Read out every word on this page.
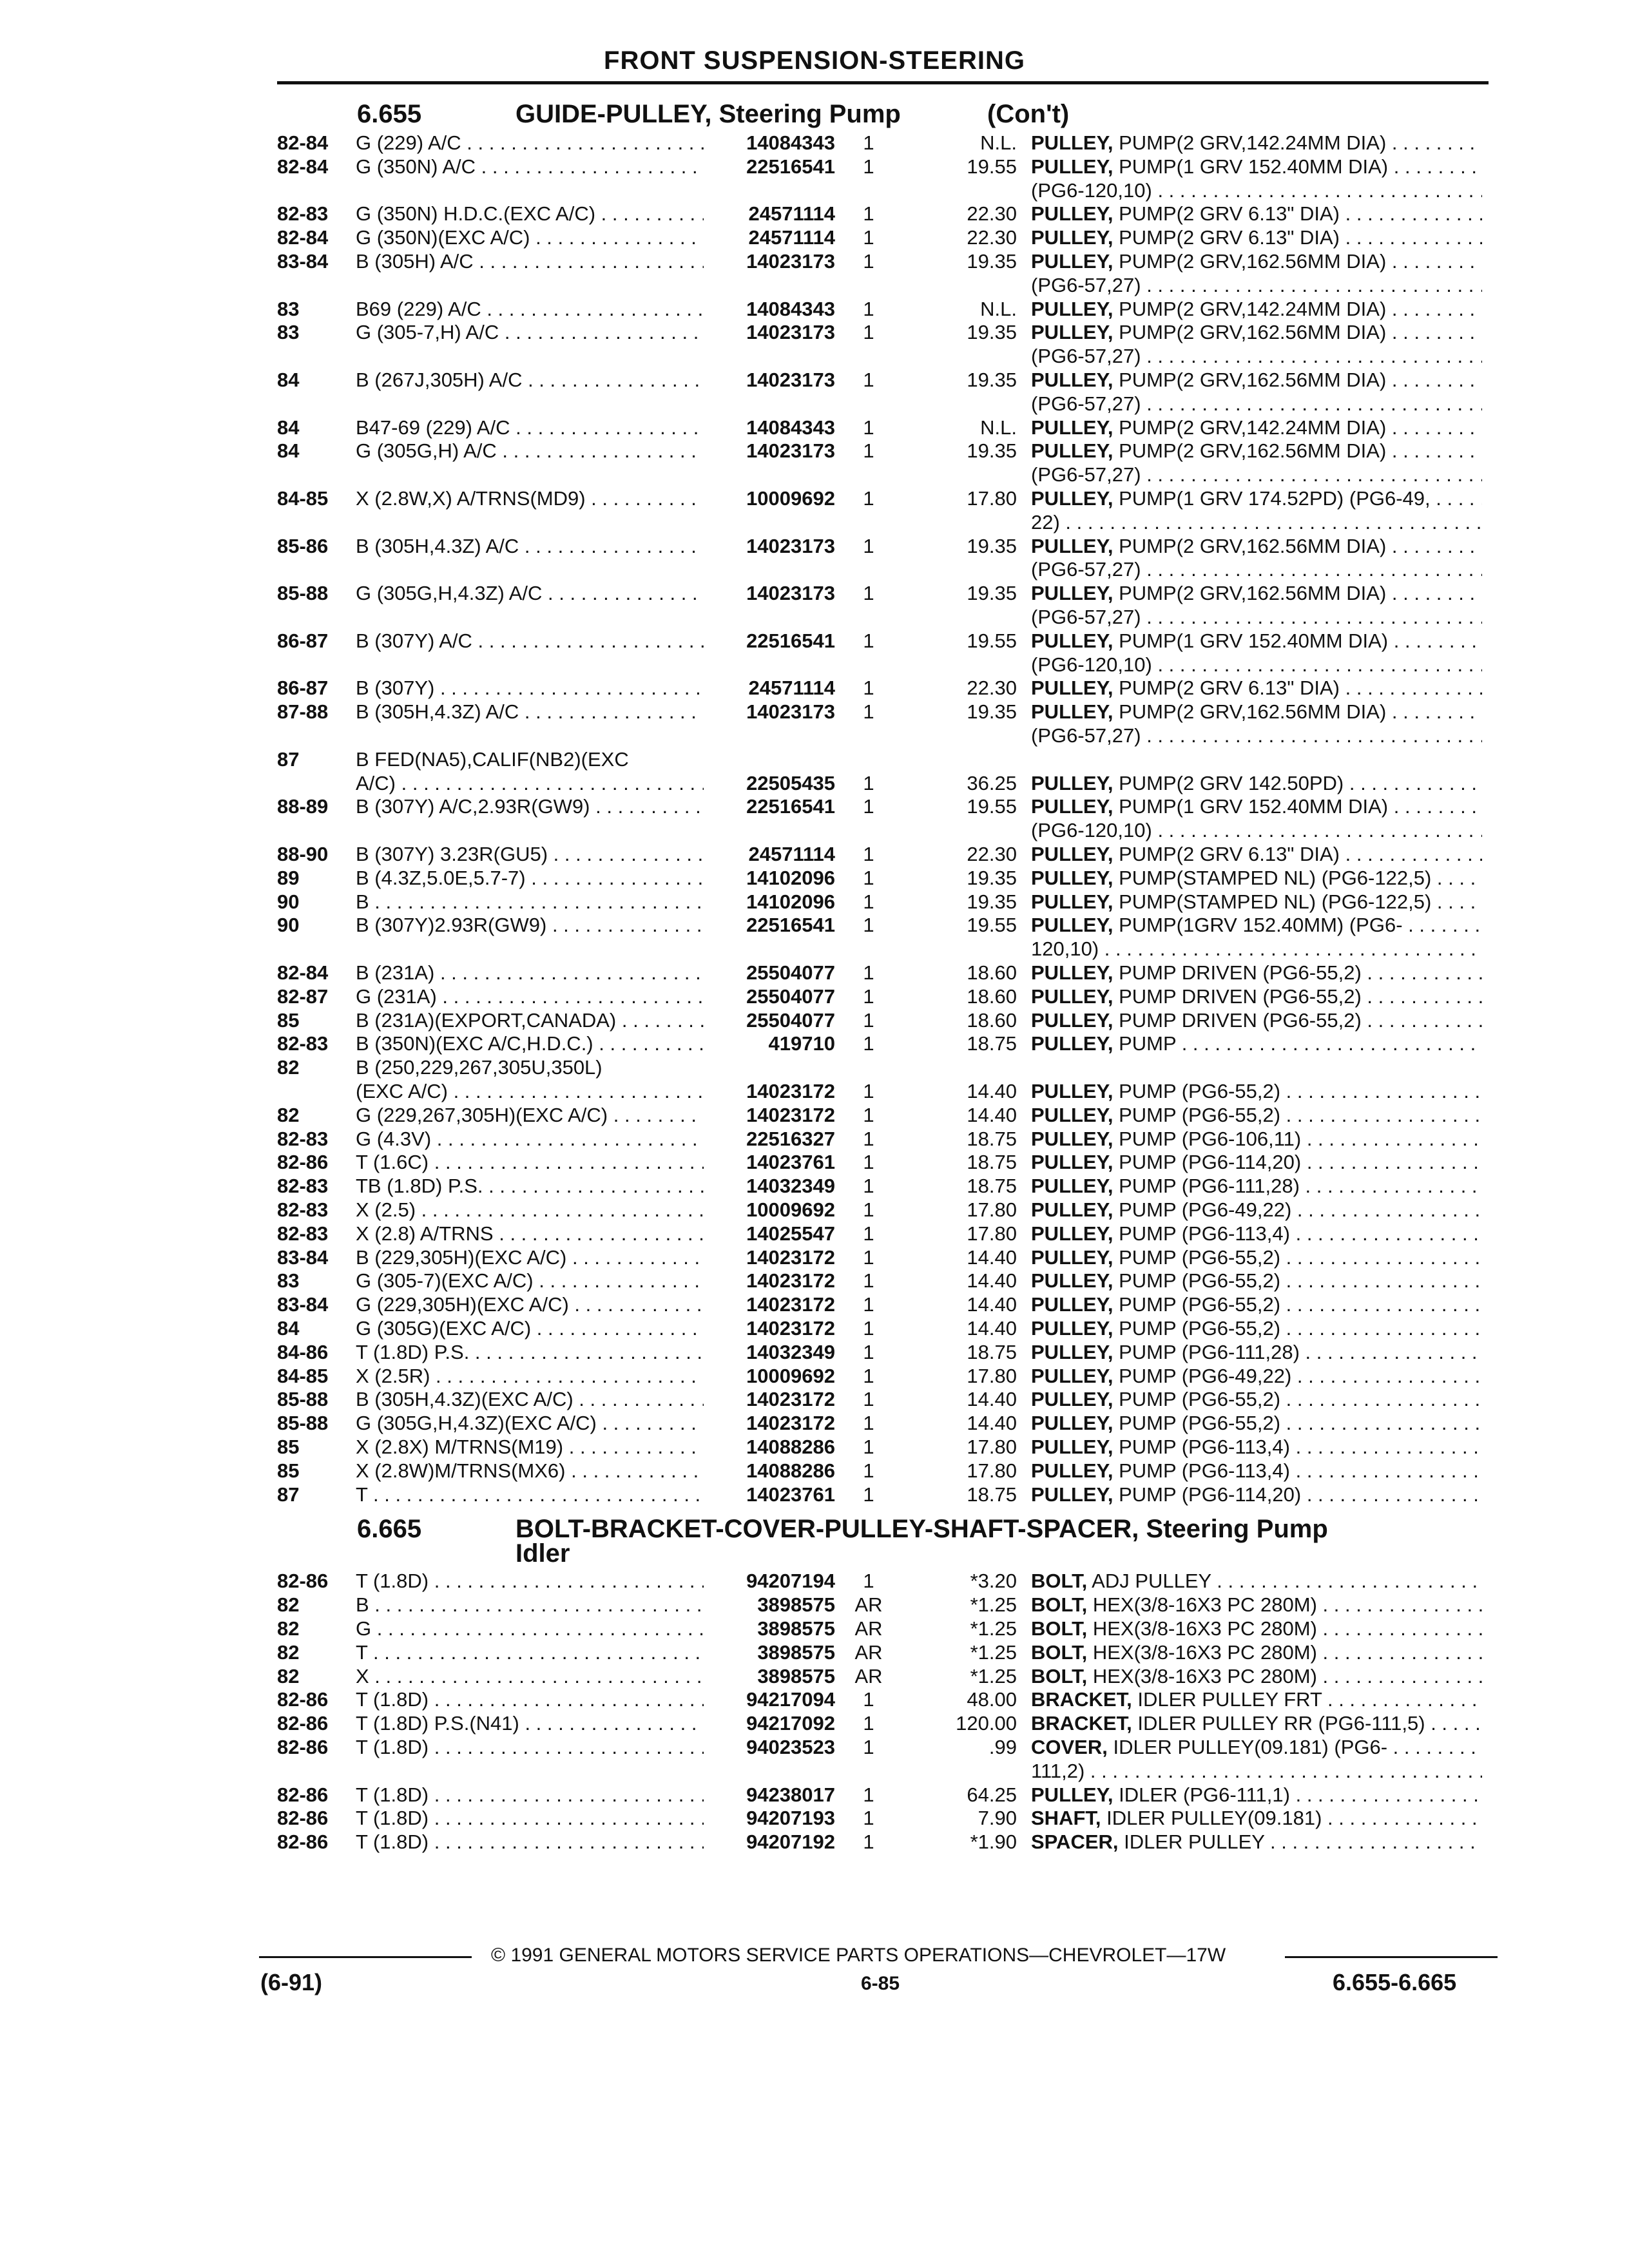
FRONT SUSPENSION-STEERING
6.655	GUIDE-PULLEY, Steering Pump	(Con't)
82-84	G (229) A/C . . .	14084343	1	N.L. PULLEY, PUMP(2 GRV,142.24MM DIA) . . .
82-84	G (350N) A/C . . .	22516541	1	19.55 PULLEY, PUMP(1 GRV 152.40MM DIA) . . .
(PG6-120,10) . . .
82-83	G (350N) H.D.C.(EXC A/C) . . .	24571114	1	22.30 PULLEY, PUMP(2 GRV 6.13" DIA) . . .
82-84	G (350N)(EXC A/C) . . .	24571114	1	22.30 PULLEY, PUMP(2 GRV 6.13" DIA) . . .
83-84	B (305H) A/C . . .	14023173	1	19.35 PULLEY, PUMP(2 GRV,162.56MM DIA) . . .
(PG6-57,27) . . .
83	B69 (229) A/C . . .	14084343	1	N.L. PULLEY, PUMP(2 GRV,142.24MM DIA) . . .
83	G (305-7,H) A/C . . .	14023173	1	19.35 PULLEY, PUMP(2 GRV,162.56MM DIA) . . .
(PG6-57,27) . . .
84	B (267J,305H) A/C . . .	14023173	1	19.35 PULLEY, PUMP(2 GRV,162.56MM DIA) . . .
(PG6-57,27) . . .
84	B47-69 (229) A/C . . .	14084343	1	N.L. PULLEY, PUMP(2 GRV,142.24MM DIA) . . .
84	G (305G,H) A/C . . .	14023173	1	19.35 PULLEY, PUMP(2 GRV,162.56MM DIA) . . .
(PG6-57,27) . . .
84-85	X (2.8W,X) A/TRNS(MD9) . . .	10009692	1	17.80 PULLEY, PUMP(1 GRV 174.52PD) (PG6-49, . . .
22) . . .
85-86	B (305H,4.3Z) A/C . . .	14023173	1	19.35 PULLEY, PUMP(2 GRV,162.56MM DIA) . . .
(PG6-57,27) . . .
85-88	G (305G,H,4.3Z) A/C . . .	14023173	1	19.35 PULLEY, PUMP(2 GRV,162.56MM DIA) . . .
(PG6-57,27) . . .
86-87	B (307Y) A/C . . .	22516541	1	19.55 PULLEY, PUMP(1 GRV 152.40MM DIA) . . .
(PG6-120,10) . . .
86-87	B (307Y) . . .	24571114	1	22.30 PULLEY, PUMP(2 GRV 6.13" DIA) . . .
87-88	B (305H,4.3Z) A/C . . .	14023173	1	19.35 PULLEY, PUMP(2 GRV,162.56MM DIA) . . .
(PG6-57,27) . . .
87	B FED(NA5),CALIF(NB2)(EXC
A/C) . . .	22505435	1	36.25 PULLEY, PUMP(2 GRV 142.50PD) . . .
88-89	B (307Y) A/C,2.93R(GW9) . . .	22516541	1	19.55 PULLEY, PUMP(1 GRV 152.40MM DIA) . . .
(PG6-120,10) . . .
88-90	B (307Y) 3.23R(GU5) . . .	24571114	1	22.30 PULLEY, PUMP(2 GRV 6.13" DIA) . . .
89	B (4.3Z,5.0E,5.7-7) . . .	14102096	1	19.35 PULLEY, PUMP(STAMPED NL) (PG6-122,5) . . .
90	B . . .	14102096	1	19.35 PULLEY, PUMP(STAMPED NL) (PG6-122,5) . . .
90	B (307Y)2.93R(GW9) . . .	22516541	1	19.55 PULLEY, PUMP(1GRV 152.40MM) (PG6- . . .
120,10) . . .
82-84	B (231A) . . .	25504077	1	18.60 PULLEY, PUMP DRIVEN (PG6-55,2) . . .
82-87	G (231A) . . .	25504077	1	18.60 PULLEY, PUMP DRIVEN (PG6-55,2) . . .
85	B (231A)(EXPORT,CANADA) . . .	25504077	1	18.60 PULLEY, PUMP DRIVEN (PG6-55,2) . . .
82-83	B (350N)(EXC A/C,H.D.C.) . . .	419710	1	18.75 PULLEY, PUMP . . .
82	B (250,229,267,305U,350L)
(EXC A/C) . . .	14023172	1	14.40 PULLEY, PUMP (PG6-55,2) . . .
82	G (229,267,305H)(EXC A/C) . . .	14023172	1	14.40 PULLEY, PUMP (PG6-55,2) . . .
82-83	G (4.3V) . . .	22516327	1	18.75 PULLEY, PUMP (PG6-106,11) . . .
82-86	T (1.6C) . . .	14023761	1	18.75 PULLEY, PUMP (PG6-114,20) . . .
82-83	TB (1.8D) P.S. . . .	14032349	1	18.75 PULLEY, PUMP (PG6-111,28) . . .
82-83	X (2.5) . . .	10009692	1	17.80 PULLEY, PUMP (PG6-49,22) . . .
82-83	X (2.8) A/TRNS . . .	14025547	1	17.80 PULLEY, PUMP (PG6-113,4) . . .
83-84	B (229,305H)(EXC A/C) . . .	14023172	1	14.40 PULLEY, PUMP (PG6-55,2) . . .
83	G (305-7)(EXC A/C) . . .	14023172	1	14.40 PULLEY, PUMP (PG6-55,2) . . .
83-84	G (229,305H)(EXC A/C) . . .	14023172	1	14.40 PULLEY, PUMP (PG6-55,2) . . .
84	G (305G)(EXC A/C) . . .	14023172	1	14.40 PULLEY, PUMP (PG6-55,2) . . .
84-86	T (1.8D) P.S. . . .	14032349	1	18.75 PULLEY, PUMP (PG6-111,28) . . .
84-85	X (2.5R) . . .	10009692	1	17.80 PULLEY, PUMP (PG6-49,22) . . .
85-88	B (305H,4.3Z)(EXC A/C) . . .	14023172	1	14.40 PULLEY, PUMP (PG6-55,2) . . .
85-88	G (305G,H,4.3Z)(EXC A/C) . . .	14023172	1	14.40 PULLEY, PUMP (PG6-55,2) . . .
85	X (2.8X) M/TRNS(M19) . . .	14088286	1	17.80 PULLEY, PUMP (PG6-113,4) . . .
85	X (2.8W)M/TRNS(MX6) . . .	14088286	1	17.80 PULLEY, PUMP (PG6-113,4) . . .
87	T . . .	14023761	1	18.75 PULLEY, PUMP (PG6-114,20) . . .
6.665	BOLT-BRACKET-COVER-PULLEY-SHAFT-SPACER, Steering Pump
Idler
82-86	T (1.8D) . . .	94207194	1	*3.20 BOLT, ADJ PULLEY . . .
82	B . . .	3898575 AR	*1.25 BOLT, HEX(3/8-16X3 PC 280M) . . .
82	G . . .	3898575 AR	*1.25 BOLT, HEX(3/8-16X3 PC 280M) . . .
82	T . . .	3898575 AR	*1.25 BOLT, HEX(3/8-16X3 PC 280M) . . .
82	X . . .	3898575 AR	*1.25 BOLT, HEX(3/8-16X3 PC 280M) . . .
82-86	T (1.8D) . . .	94217094	1	48.00 BRACKET, IDLER PULLEY FRT . . .
82-86	T (1.8D) P.S.(N41) . . .	94217092	1	120.00 BRACKET, IDLER PULLEY RR (PG6-111,5) . . .
82-86	T (1.8D) . . .	94023523	1	.99 COVER, IDLER PULLEY(09.181) (PG6- . . .
111,2) . . .
82-86	T (1.8D) . . .	94238017	1	64.25 PULLEY, IDLER (PG6-111,1) . . .
82-86	T (1.8D) . . .	94207193	1	7.90 SHAFT, IDLER PULLEY(09.181) . . .
82-86	T (1.8D) . . .	94207192	1	*1.90 SPACER, IDLER PULLEY . . .
© 1991 GENERAL MOTORS SERVICE PARTS OPERATIONS—CHEVROLET—17W
(6-91)	6-85	6.655-6.665
